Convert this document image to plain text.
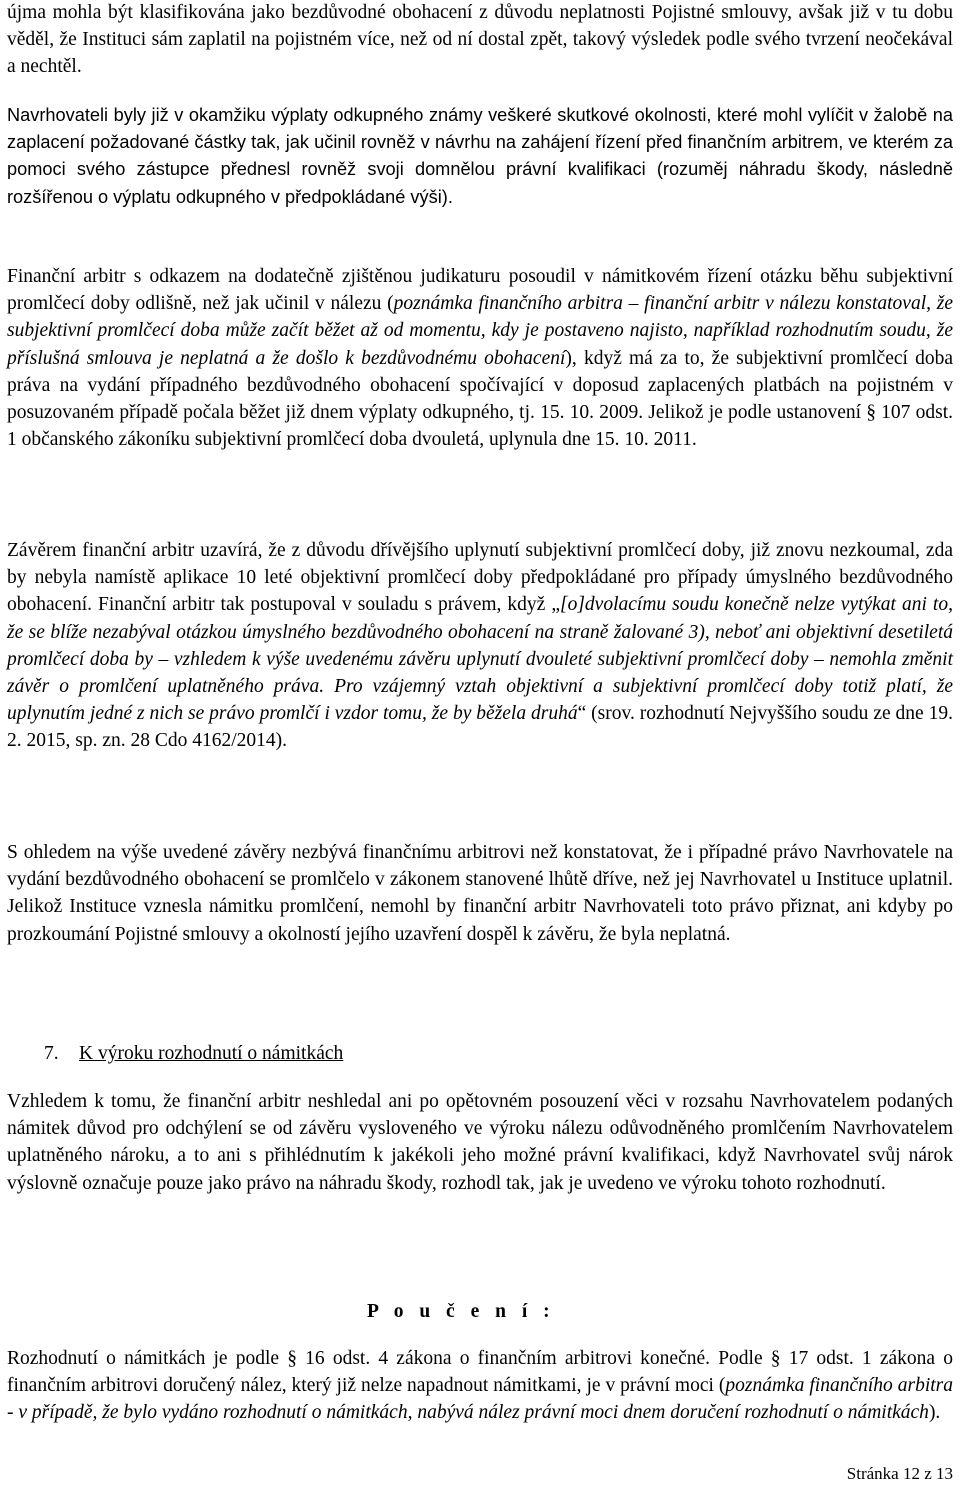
újma mohla být klasifikována jako bezdůvodné obohacení z důvodu neplatnosti Pojistné smlouvy, avšak již v tu dobu věděl, že Instituci sám zaplatil na pojistném více, než od ní dostal zpět, takový výsledek podle svého tvrzení neočekával a nechtěl.

Navrhovateli byly již v okamžiku výplaty odkupného známy veškeré skutkové okolnosti, které mohl vylíčit v žalobě na zaplacení požadované částky tak, jak učinil rovněž v návrhu na zahájení řízení před finančním arbitrem, ve kterém za pomoci svého zástupce přednesl rovněž svoji domnělou právní kvalifikaci (rozuměj náhradu škody, následně rozšířenou o výplatu odkupného v předpokládané výši).

Finanční arbitr s odkazem na dodatečně zjištěnou judikaturu posoudil v námitkovém řízení otázku běhu subjektivní promlčecí doby odlišně, než jak učinil v nálezu (poznámka finančního arbitra – finanční arbitr v nálezu konstatoval, že subjektivní promlčecí doba může začít běžet až od momentu, kdy je postaveno najisto, například rozhodnutím soudu, že příslušná smlouva je neplatná a že došlo k bezdůvodnému obohacení), když má za to, že subjektivní promlčecí doba práva na vydání případného bezdůvodného obohacení spočívající v doposud zaplacených platbách na pojistném v posuzovaném případě počala běžet již dnem výplaty odkupného, tj. 15. 10. 2009. Jelikož je podle ustanovení § 107 odst. 1 občanského zákoníku subjektivní promlčecí doba dvouletá, uplynula dne 15. 10. 2011.

Závěrem finanční arbitr uzavírá, že z důvodu dřívějšího uplynutí subjektivní promlčecí doby, již znovu nezkoumal, zda by nebyla namístě aplikace 10 leté objektivní promlčecí doby předpokládané pro případy úmyslného bezdůvodného obohacení. Finanční arbitr tak postupoval v souladu s právem, když „[o]dvolacímu soudu konečně nelze vytýkat ani to, že se blíže nezabýval otázkou úmyslného bezdůvodného obohacení na straně žalované 3), neboť ani objektivní desetiletá promlčecí doba by – vzhledem k výše uvedenému závěru uplynutí dvouleté subjektivní promlčecí doby – nemohla změnit závěr o promlčení uplatněného práva. Pro vzájemný vztah objektivní a subjektivní promlčecí doby totiž platí, že uplynutím jedné z nich se právo promlčí i vzdor tomu, že by běžela druhá“ (srov. rozhodnutí Nejvyššího soudu ze dne 19. 2. 2015, sp. zn. 28 Cdo 4162/2014).

S ohledem na výše uvedené závěry nezbývá finančnímu arbitrovi než konstatovat, že i případné právo Navrhovatele na vydání bezdůvodného obohacení se promlčelo v zákonem stanovené lhůtě dříve, než jej Navrhovatel u Instituce uplatnil. Jelikož Instituce vznesla námitku promlčení, nemohl by finanční arbitr Navrhovateli toto právo přiznat, ani kdyby po prozkoumání Pojistné smlouvy a okolností jejího uzavření dospěl k závěru, že byla neplatná.

7. K výroku rozhodnutí o námitkách

Vzhledem k tomu, že finanční arbitr neshledal ani po opětovném posouzení věci v rozsahu Navrhovatelem podaných námitek důvod pro odchýlení se od závěru vysloveného ve výroku nálezu odůvodněného promlčením Navrhovatelem uplatněného nároku, a to ani s přihlédnutím k jakékoli jeho možné právní kvalifikaci, když Navrhovatel svůj nárok výslovně označuje pouze jako právo na náhradu škody, rozhodl tak, jak je uvedeno ve výroku tohoto rozhodnutí.

P o u č e n í :

Rozhodnutí o námitkách je podle § 16 odst. 4 zákona o finančním arbitrovi konečné. Podle § 17 odst. 1 zákona o finančním arbitrovi doručený nález, který již nelze napadnout námitkami, je v právní moci (poznámka finančního arbitra - v případě, že bylo vydáno rozhodnutí o námitkách, nabývá nález právní moci dnem doručení rozhodnutí o námitkách).

Stránka 12 z 13
